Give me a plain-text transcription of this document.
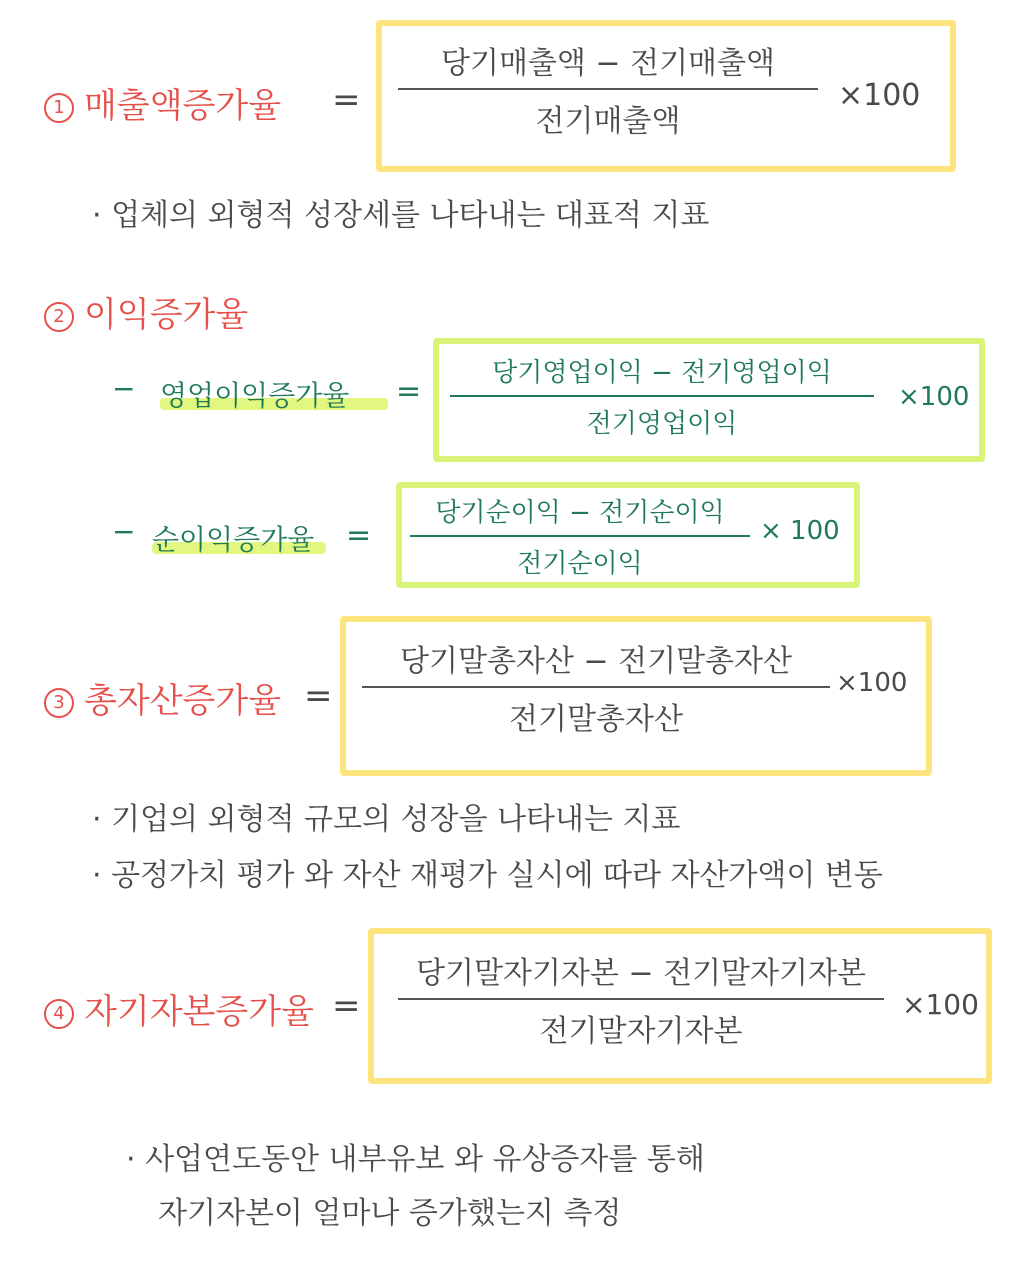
1 매출액증가율 =
당기매출액 − 전기매출액
전기매출액
×100
· 업체의 외형적 성장세를 나타내는 대표적 지표
2 이익증가율
− 영업이익증가율 =
당기영업이익 − 전기영업이익
전기영업이익
×100
− 순이익증가율 =
당기순이익 − 전기순이익
전기순이익
× 100
3 총자산증가율 =
당기말총자산 − 전기말총자산
전기말총자산
×100
· 기업의 외형적 규모의 성장을 나타내는 지표
· 공정가치 평가 와 자산 재평가 실시에 따라 자산가액이 변동
4 자기자본증가율 =
당기말자기자본 − 전기말자기자본
전기말자기자본
×100
· 사업연도동안 내부유보 와 유상증자를 통해
자기자본이 얼마나 증가했는지 측정
